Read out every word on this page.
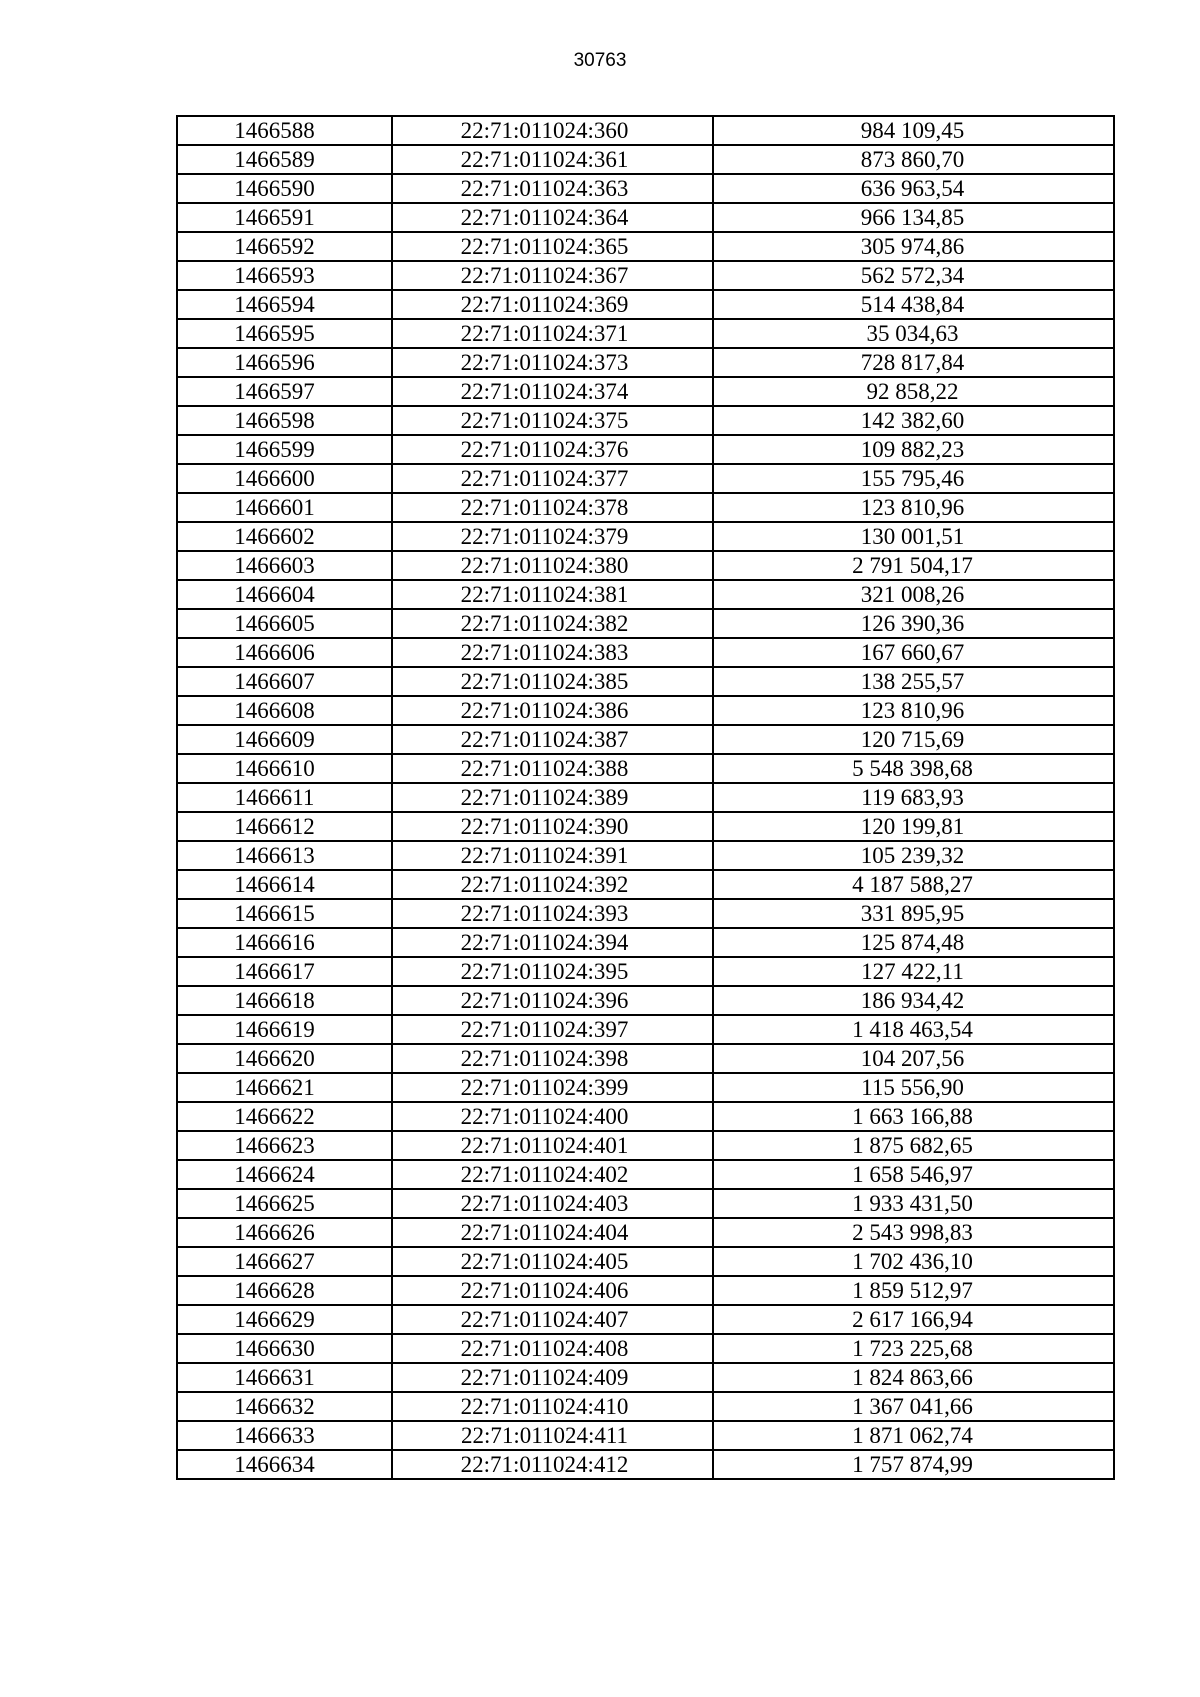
30763
1466588	22:71:011024:360	984 109,45
1466589	22:71:011024:361	873 860,70
1466590	22:71:011024:363	636 963,54
1466591	22:71:011024:364	966 134,85
1466592	22:71:011024:365	305 974,86
1466593	22:71:011024:367	562 572,34
1466594	22:71:011024:369	514 438,84
1466595	22:71:011024:371	35 034,63
1466596	22:71:011024:373	728 817,84
1466597	22:71:011024:374	92 858,22
1466598	22:71:011024:375	142 382,60
1466599	22:71:011024:376	109 882,23
1466600	22:71:011024:377	155 795,46
1466601	22:71:011024:378	123 810,96
1466602	22:71:011024:379	130 001,51
1466603	22:71:011024:380	2 791 504,17
1466604	22:71:011024:381	321 008,26
1466605	22:71:011024:382	126 390,36
1466606	22:71:011024:383	167 660,67
1466607	22:71:011024:385	138 255,57
1466608	22:71:011024:386	123 810,96
1466609	22:71:011024:387	120 715,69
1466610	22:71:011024:388	5 548 398,68
1466611	22:71:011024:389	119 683,93
1466612	22:71:011024:390	120 199,81
1466613	22:71:011024:391	105 239,32
1466614	22:71:011024:392	4 187 588,27
1466615	22:71:011024:393	331 895,95
1466616	22:71:011024:394	125 874,48
1466617	22:71:011024:395	127 422,11
1466618	22:71:011024:396	186 934,42
1466619	22:71:011024:397	1 418 463,54
1466620	22:71:011024:398	104 207,56
1466621	22:71:011024:399	115 556,90
1466622	22:71:011024:400	1 663 166,88
1466623	22:71:011024:401	1 875 682,65
1466624	22:71:011024:402	1 658 546,97
1466625	22:71:011024:403	1 933 431,50
1466626	22:71:011024:404	2 543 998,83
1466627	22:71:011024:405	1 702 436,10
1466628	22:71:011024:406	1 859 512,97
1466629	22:71:011024:407	2 617 166,94
1466630	22:71:011024:408	1 723 225,68
1466631	22:71:011024:409	1 824 863,66
1466632	22:71:011024:410	1 367 041,66
1466633	22:71:011024:411	1 871 062,74
1466634	22:71:011024:412	1 757 874,99
